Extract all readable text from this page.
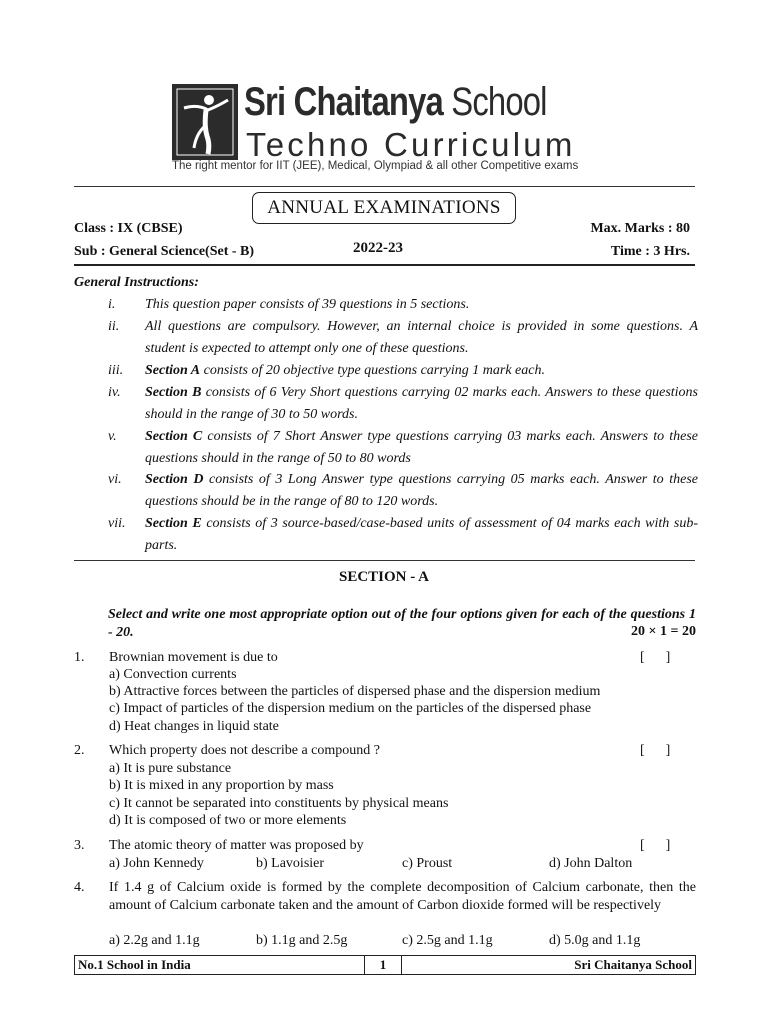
Sri Chaitanya School
Techno Curriculum
The right mentor for IIT (JEE), Medical, Olympiad & all other Competitive exams
ANNUAL EXAMINATIONS
Class : IX (CBSE)	Max. Marks : 80
Sub : General Science(Set - B)	2022-23	Time : 3 Hrs.
General Instructions:
i.	This question paper consists of 39 questions in 5 sections.
ii.	All questions are compulsory. However, an internal choice is provided in some questions. A student is expected to attempt only one of these questions.
iii.	Section A consists of 20 objective type questions carrying 1 mark each.
iv.	Section B consists of 6 Very Short questions carrying 02 marks each. Answers to these questions should in the range of 30 to 50 words.
v.	Section C consists of 7 Short Answer type questions carrying 03 marks each. Answers to these questions should in the range of 50 to 80 words
vi.	Section D consists of 3 Long Answer type questions carrying 05 marks each. Answer to these questions should be in the range of 80 to 120 words.
vii.	Section E consists of 3 source-based/case-based units of assessment of 04 marks each with sub-parts.
SECTION - A
Select and write one most appropriate option out of the four options given for each of the questions 1 - 20.	20 × 1 = 20
1. Brownian movement is due to	[      ]
a) Convection currents
b) Attractive forces between the particles of dispersed phase and the dispersion medium
c) Impact of particles of the dispersion medium on the particles of the dispersed phase
d) Heat changes in liquid state
2. Which property does not describe a compound ?	[      ]
a) It is pure substance
b) It is mixed in any proportion by mass
c) It cannot be separated into constituents by physical means
d) It is composed of two or more elements
3. The atomic theory of matter was proposed by	[      ]
a) John Kennedy	b) Lavoisier	c) Proust	d) John Dalton
4. If 1.4 g of Calcium oxide is formed by the complete decomposition of Calcium carbonate, then the amount of Calcium carbonate taken and the amount of Carbon dioxide formed will be respectively
a) 2.2g and 1.1g	b) 1.1g and 2.5g	c) 2.5g and 1.1g	d) 5.0g and 1.1g
No.1 School in India	1	Sri Chaitanya School
